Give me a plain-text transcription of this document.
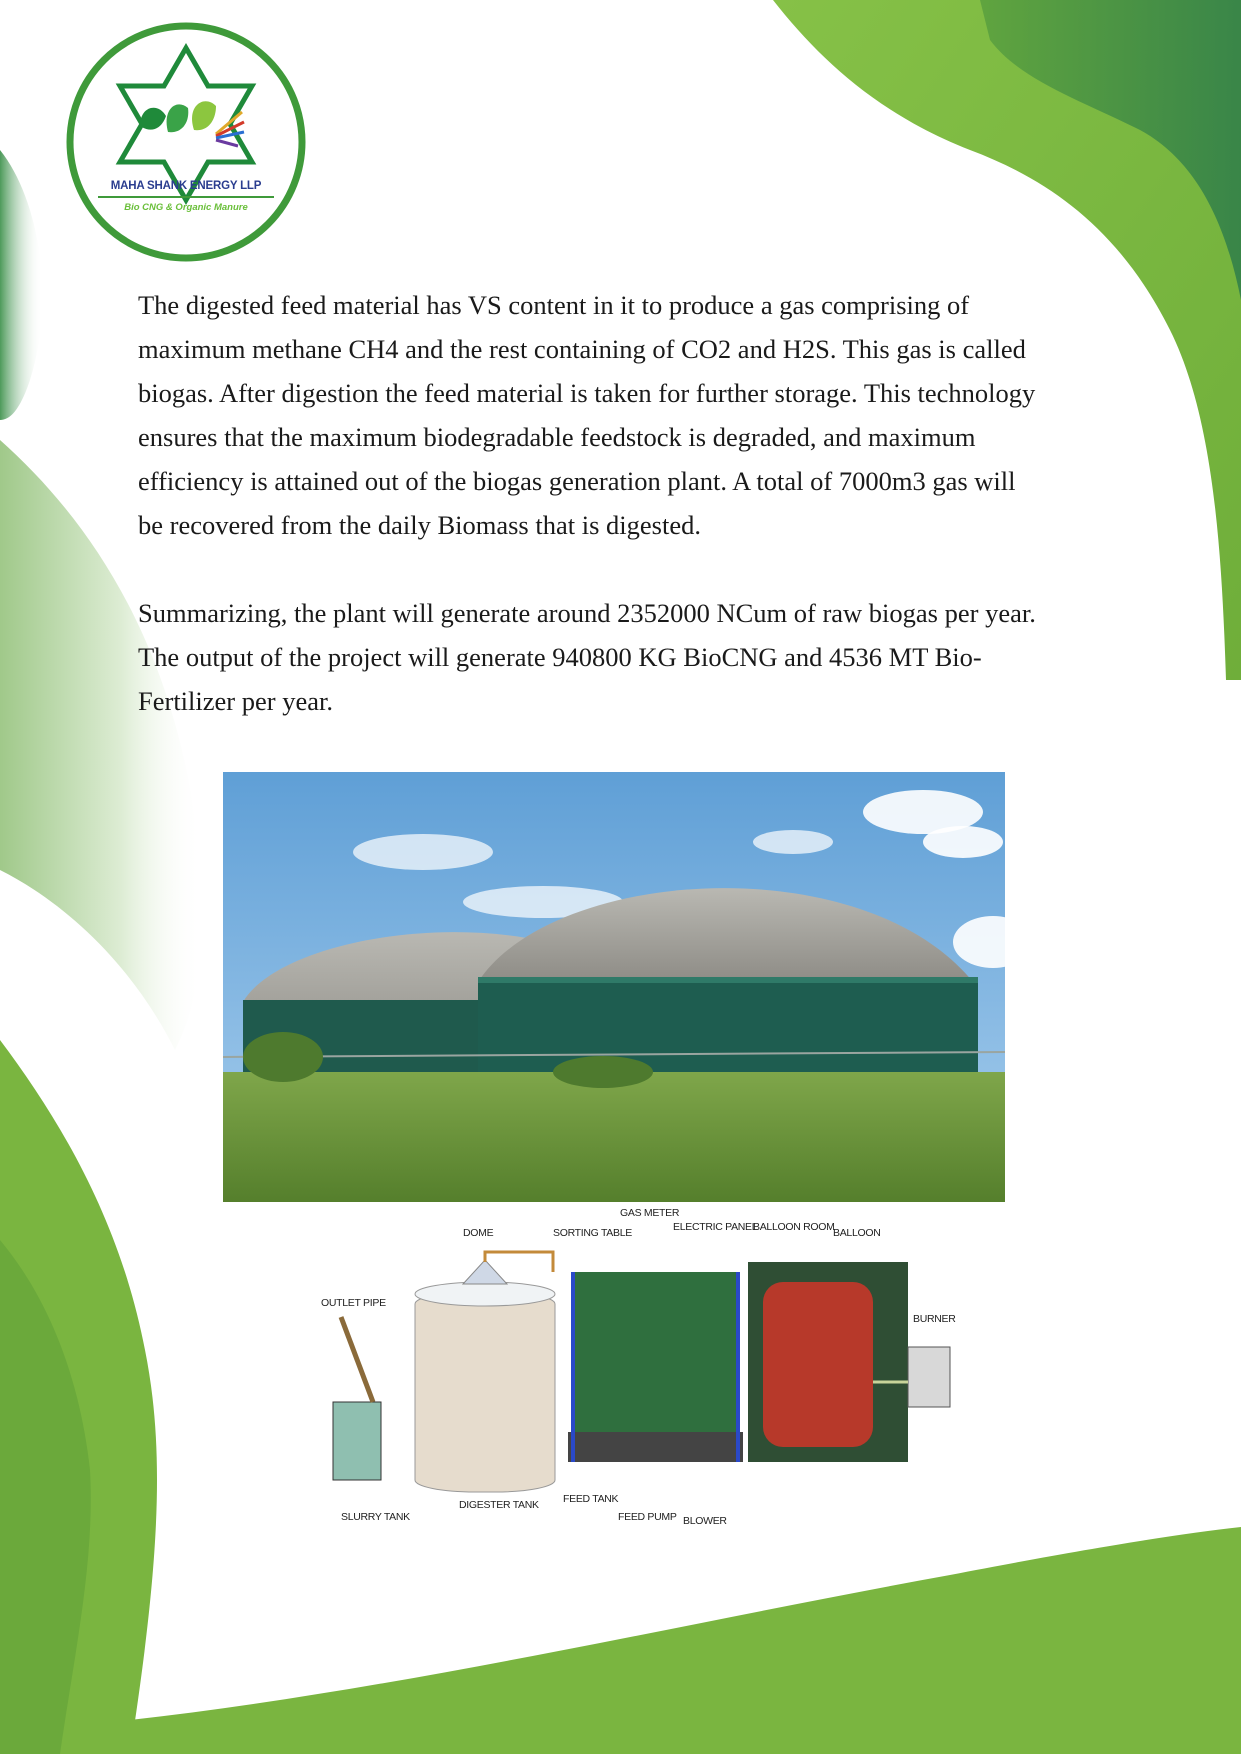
MAHA SHANK ENERGY LLP
Bio CNG & Organic Manure

The digested feed material has VS content in it to produce a gas comprising of maximum methane CH4 and the rest containing of CO2 and H2S. This gas is called biogas. After digestion the feed material is taken for further storage. This technology ensures that the maximum biodegradable feedstock is degraded, and maximum efficiency is attained out of the biogas generation plant. A total of 7000m3 gas will be recovered from the daily Biomass that is digested.

Summarizing, the plant will generate around 2352000 NCum of raw biogas per year. The output of the project will generate 940800 KG BioCNG and 4536 MT Bio-Fertilizer per year.

DOME
GAS METER
SORTING TABLE	ELECTRIC PANEL
BALLOON ROOM
BALLOON
OUTLET PIPE
BURNER
SLURRY TANK
DIGESTER TANK FEED TANK
FEED PUMP BLOWER
